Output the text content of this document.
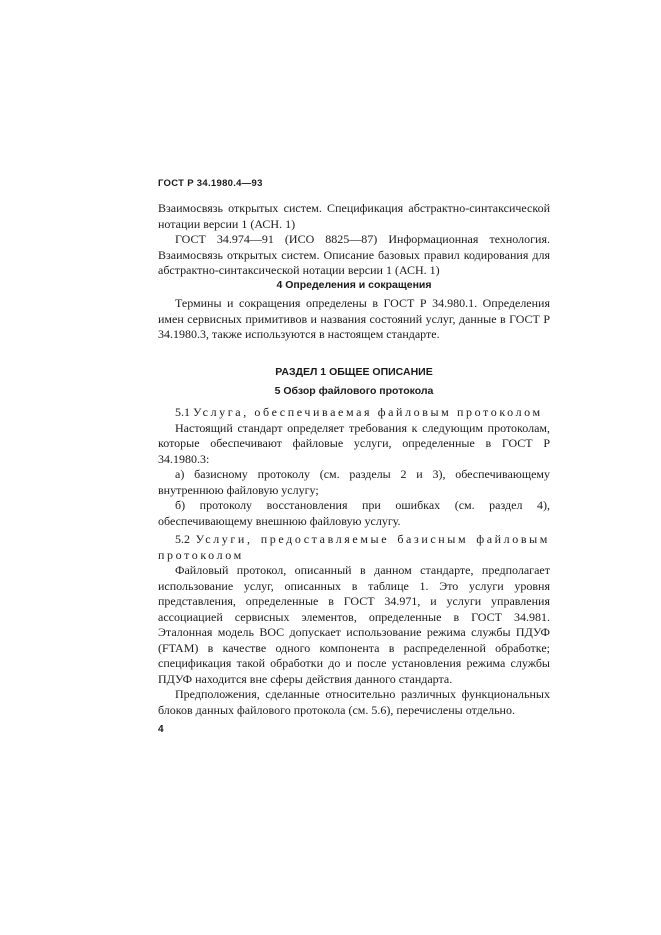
ГОСТ Р 34.1980.4—93

Взаимосвязь открытых систем. Спецификация абстрактно-синтаксической нотации версии 1 (АСН. 1)

ГОСТ 34.974—91 (ИСО 8825—87) Информационная технология. Взаимосвязь открытых систем. Описание базовых правил кодирования для абстрактно-синтаксической нотации версии 1 (АСН. 1)

4 Определения и сокращения

Термины и сокращения определены в ГОСТ Р 34.980.1. Определения имен сервисных примитивов и названия состояний услуг, данные в ГОСТ Р 34.1980.3, также используются в настоящем стандарте.

РАЗДЕЛ 1 ОБЩЕЕ ОПИСАНИЕ

5 Обзор файлового протокола

5.1 Услуга, обеспечиваемая файловым протоколом

Настоящий стандарт определяет требования к следующим протоколам, которые обеспечивают файловые услуги, определенные в ГОСТ Р 34.1980.3:

а) базисному протоколу (см. разделы 2 и 3), обеспечивающему внутреннюю файловую услугу;

б) протоколу восстановления при ошибках (см. раздел 4), обеспечивающему внешнюю файловую услугу.

5.2 Услуги, предоставляемые базисным файловым протоколом

Файловый протокол, описанный в данном стандарте, предполагает использование услуг, описанных в таблице 1. Это услуги уровня представления, определенные в ГОСТ 34.971, и услуги управления ассоциацией сервисных элементов, определенные в ГОСТ 34.981. Эталонная модель ВОС допускает использование режима службы ПДУФ (FTAM) в качестве одного компонента в распределенной обработке; спецификация такой обработки до и после установления режима службы ПДУФ находится вне сферы действия данного стандарта.

Предположения, сделанные относительно различных функциональных блоков данных файлового протокола (см. 5.6), перечислены отдельно.

4
